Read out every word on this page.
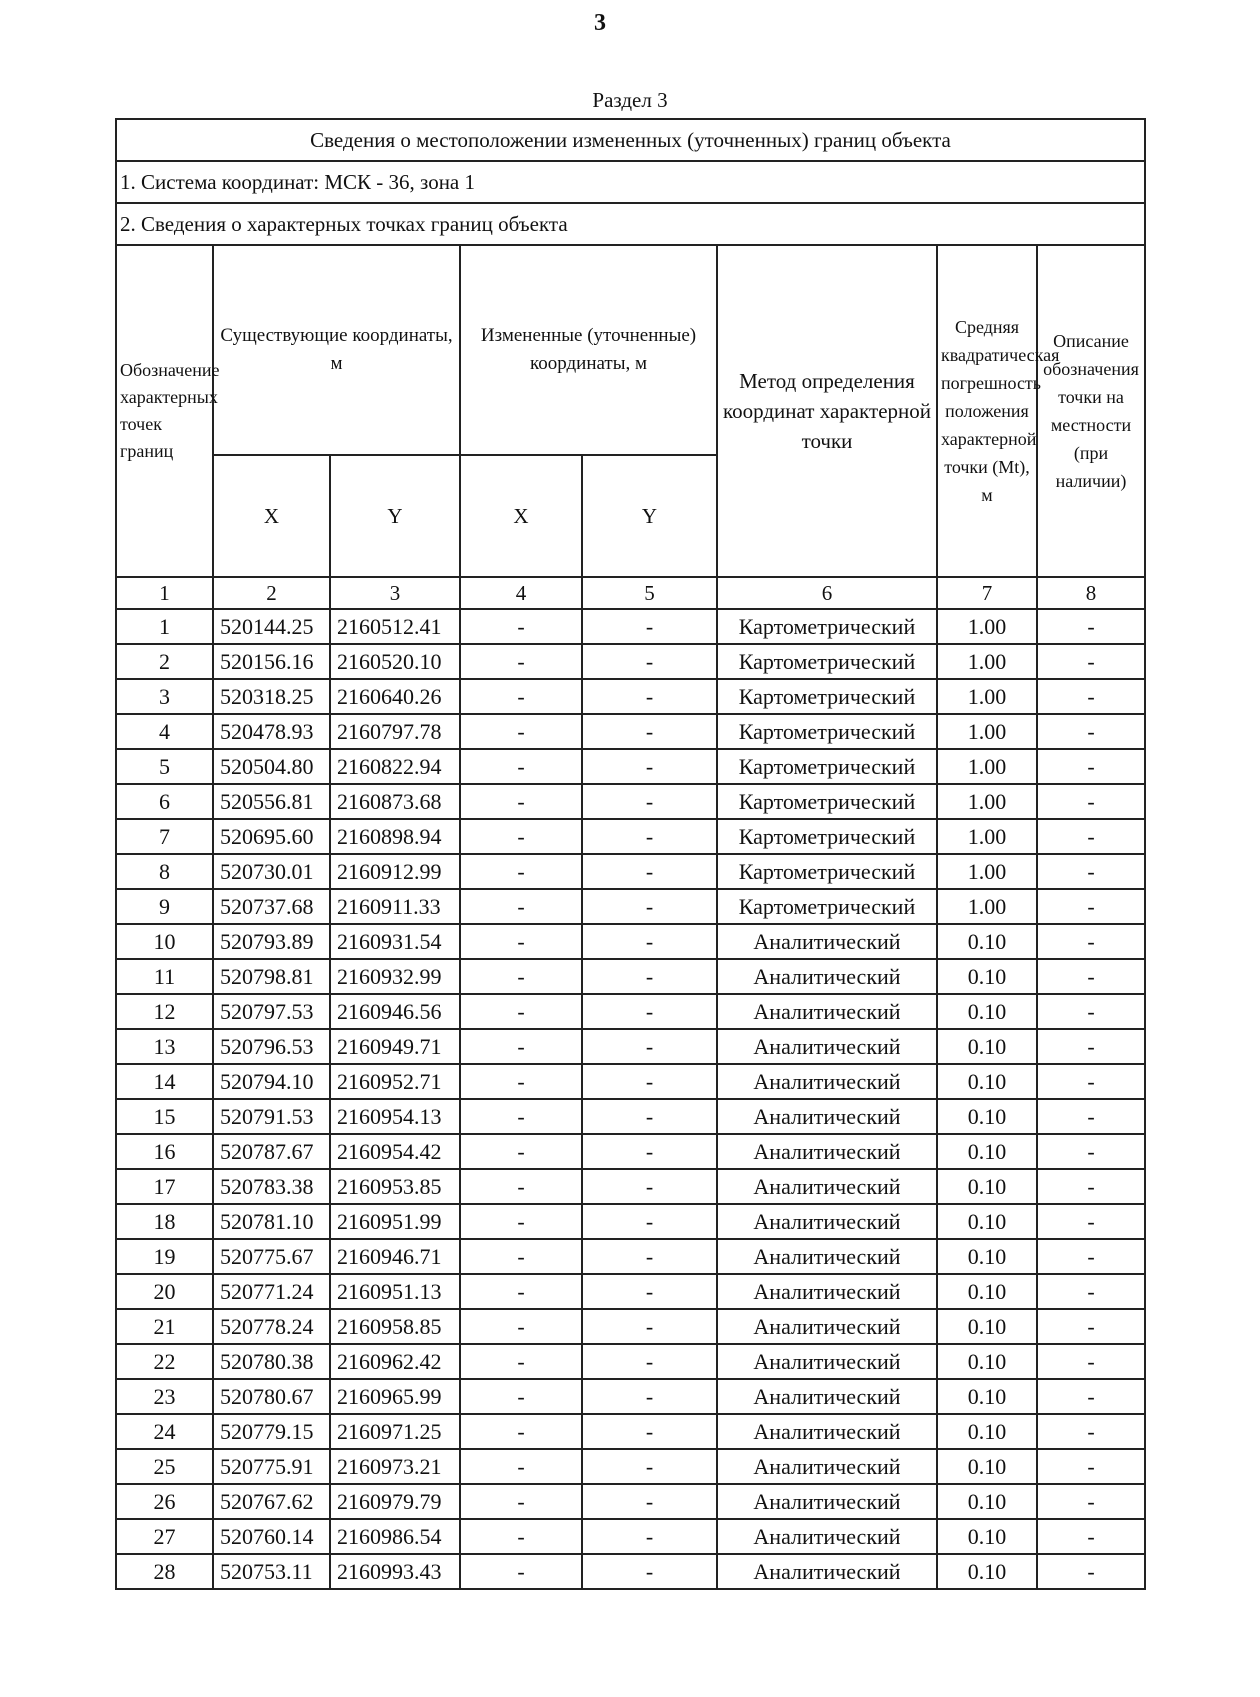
3
Раздел 3
Сведения о местоположении измененных (уточненных) границ объекта							
1. Система координат: МСК - 36, зона 1							
2. Сведения о характерных точках границ объекта							
Обозначение характерных точек границ	Существующие координаты, м		Измененные (уточненные) координаты, м		Метод определения координат характерной точки	Средняя квадратическая погрешность положения характерной точки (Mt), м	Описание обозначения точки на местности (при наличии)
	X	Y	X	Y			
1	2	3	4	5	6	7	8
1	520144.25	2160512.41	-	-	Картометрический	1.00	-
2	520156.16	2160520.10	-	-	Картометрический	1.00	-
3	520318.25	2160640.26	-	-	Картометрический	1.00	-
4	520478.93	2160797.78	-	-	Картометрический	1.00	-
5	520504.80	2160822.94	-	-	Картометрический	1.00	-
6	520556.81	2160873.68	-	-	Картометрический	1.00	-
7	520695.60	2160898.94	-	-	Картометрический	1.00	-
8	520730.01	2160912.99	-	-	Картометрический	1.00	-
9	520737.68	2160911.33	-	-	Картометрический	1.00	-
10	520793.89	2160931.54	-	-	Аналитический	0.10	-
11	520798.81	2160932.99	-	-	Аналитический	0.10	-
12	520797.53	2160946.56	-	-	Аналитический	0.10	-
13	520796.53	2160949.71	-	-	Аналитический	0.10	-
14	520794.10	2160952.71	-	-	Аналитический	0.10	-
15	520791.53	2160954.13	-	-	Аналитический	0.10	-
16	520787.67	2160954.42	-	-	Аналитический	0.10	-
17	520783.38	2160953.85	-	-	Аналитический	0.10	-
18	520781.10	2160951.99	-	-	Аналитический	0.10	-
19	520775.67	2160946.71	-	-	Аналитический	0.10	-
20	520771.24	2160951.13	-	-	Аналитический	0.10	-
21	520778.24	2160958.85	-	-	Аналитический	0.10	-
22	520780.38	2160962.42	-	-	Аналитический	0.10	-
23	520780.67	2160965.99	-	-	Аналитический	0.10	-
24	520779.15	2160971.25	-	-	Аналитический	0.10	-
25	520775.91	2160973.21	-	-	Аналитический	0.10	-
26	520767.62	2160979.79	-	-	Аналитический	0.10	-
27	520760.14	2160986.54	-	-	Аналитический	0.10	-
28	520753.11	2160993.43	-	-	Аналитический	0.10	-
